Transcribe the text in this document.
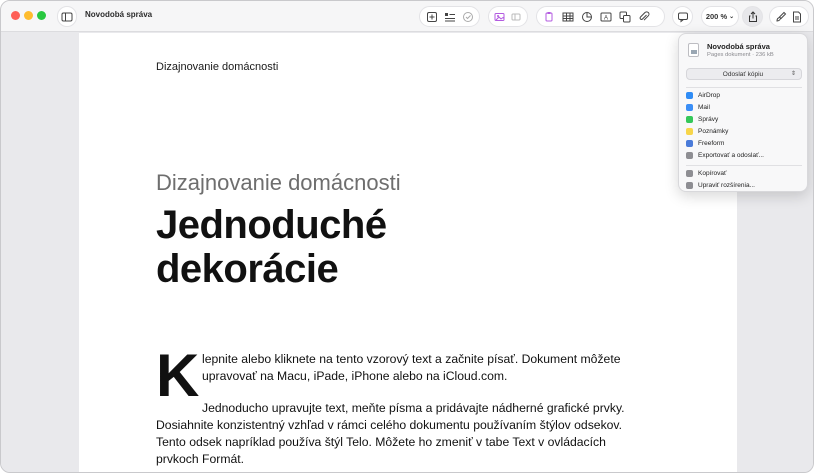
Novodobá správa	A	200 % ⌄
Dizajnovanie domácnosti
Dizajnovanie domácnosti
Jednoduché dekorácie
K lepnite alebo kliknete na tento vzorový text a začnite písať. Dokument môžete upravovať na Macu, iPade, iPhone alebo na iCloud.com.
Jednoducho upravujte text, meňte písma a pridávajte nádherné grafické prvky. Dosiahnite konzistentný vzhľad v rámci celého dokumentu používaním štýlov odsekov. Tento odsek napríklad používa štýl Telo. Môžete ho zmeniť v tabe Text v ovládacích prvkoch Formát.
Novodobá správa
Pages dokument · 236 kB
Odoslať kópiu	⇕
AirDrop
Mail
Správy
Poznámky
Freeform
Exportovať a odoslať...
Kopírovať
Upraviť rozšírenia...
